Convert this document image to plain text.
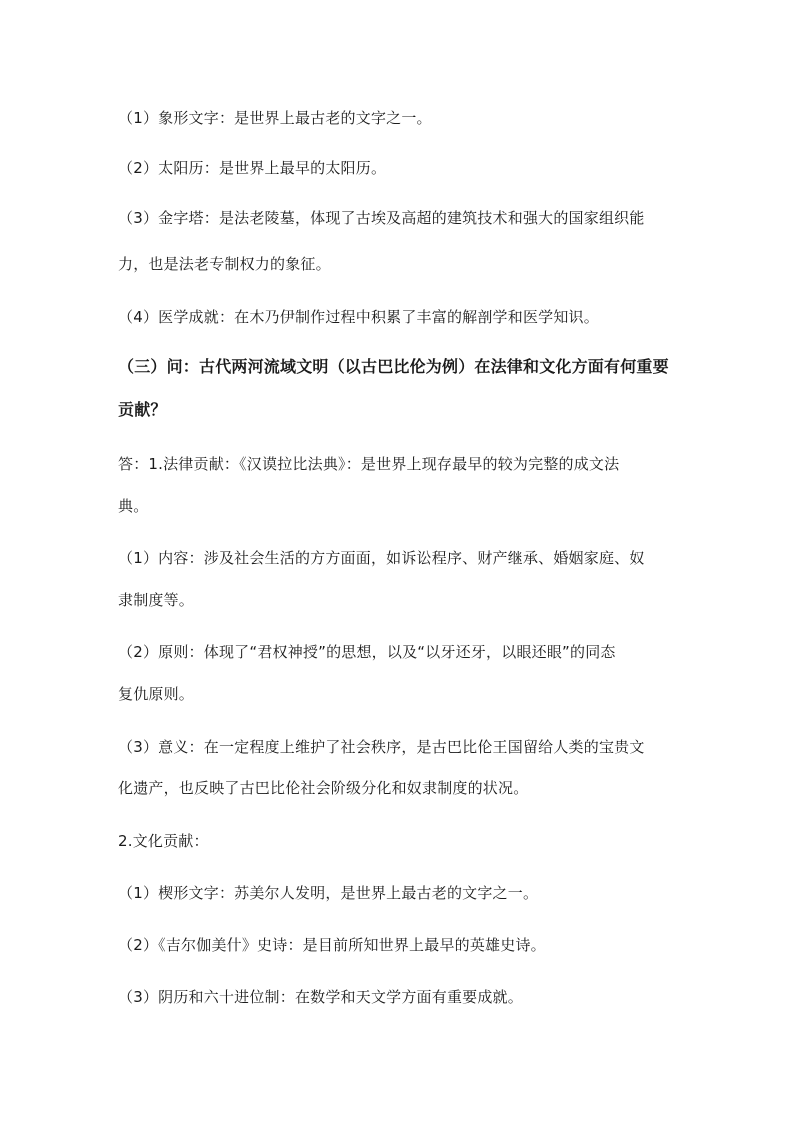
（1）象形文字：是世界上最古老的文字之一。
（2）太阳历：是世界上最早的太阳历。
（3）金字塔：是法老陵墓，体现了古埃及高超的建筑技术和强大的国家组织能
力，也是法老专制权力的象征。
（4）医学成就：在木乃伊制作过程中积累了丰富的解剖学和医学知识。
（三）问：古代两河流域文明（以古巴比伦为例）在法律和文化方面有何重要
贡献？
答：1.法律贡献：《汉谟拉比法典》：是世界上现存最早的较为完整的成文法
典。
（1）内容：涉及社会生活的方方面面，如诉讼程序、财产继承、婚姻家庭、奴
隶制度等。
（2）原则：体现了“君权神授”的思想，以及“以牙还牙，以眼还眼”的同态
复仇原则。
（3）意义：在一定程度上维护了社会秩序，是古巴比伦王国留给人类的宝贵文
化遗产，也反映了古巴比伦社会阶级分化和奴隶制度的状况。
2.文化贡献：
（1）楔形文字：苏美尔人发明，是世界上最古老的文字之一。
（2）《吉尔伽美什》史诗：是目前所知世界上最早的英雄史诗。
（3）阴历和六十进位制：在数学和天文学方面有重要成就。
